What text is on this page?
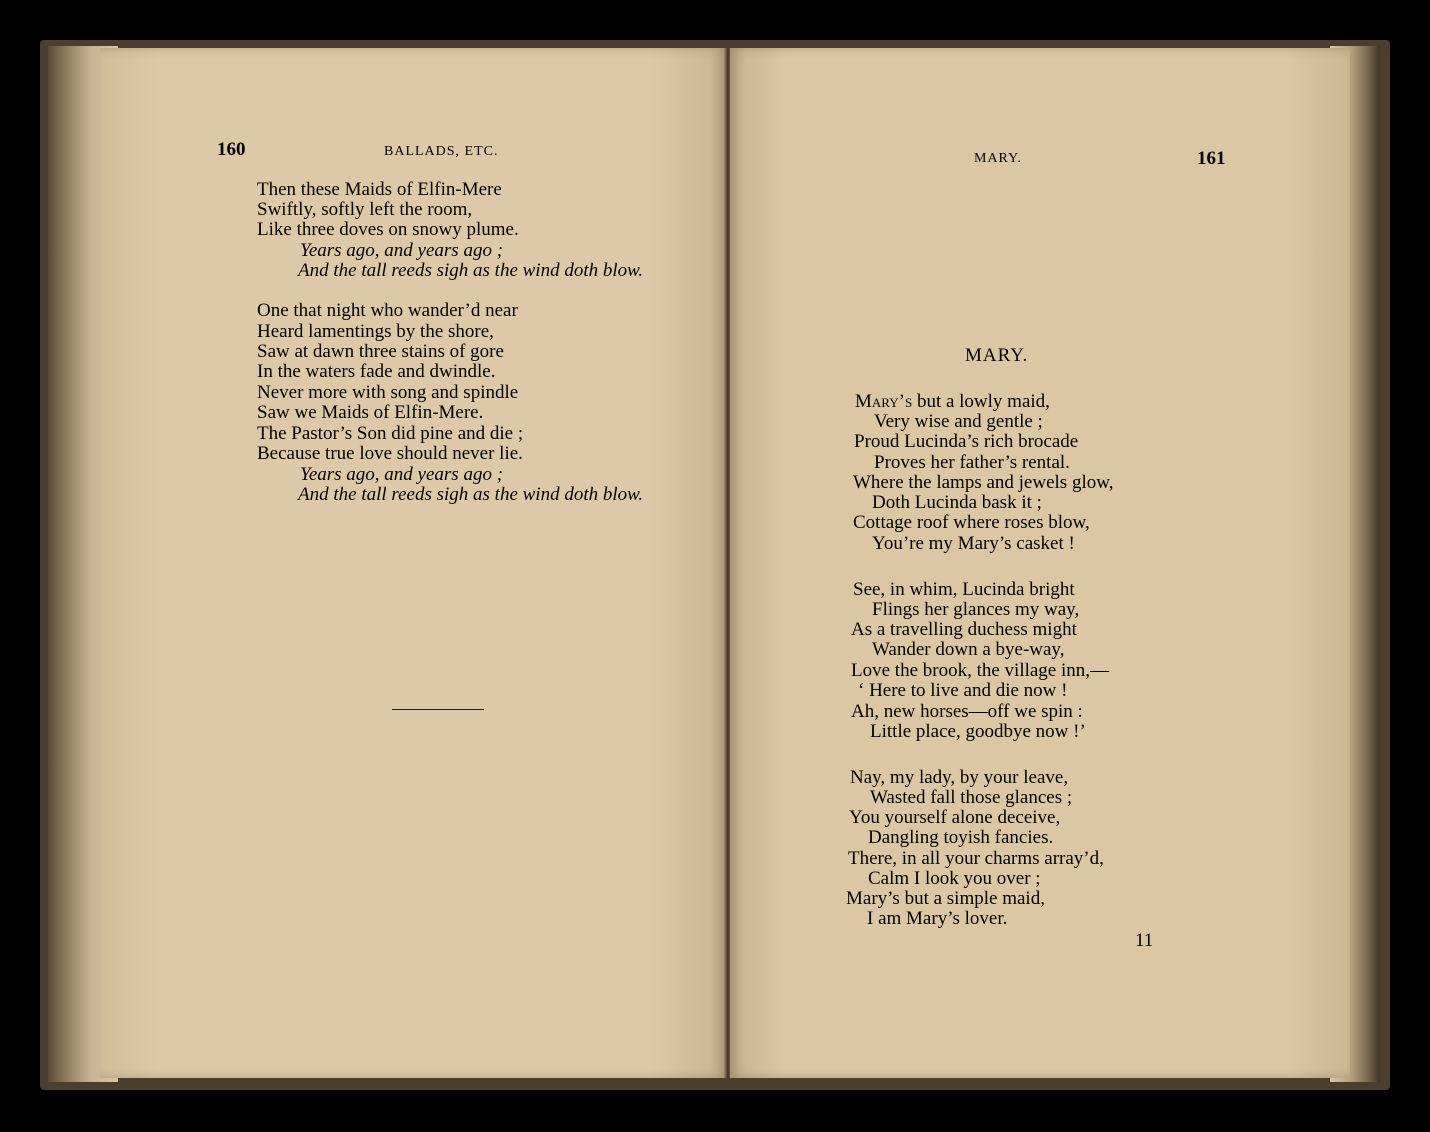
160	BALLADS, ETC.
Then these Maids of Elfin-Mere
Swiftly, softly left the room,
Like three doves on snowy plume.
Years ago, and years ago ;
And the tall reeds sigh as the wind doth blow.
One that night who wander’d near
Heard lamentings by the shore,
Saw at dawn three stains of gore
In the waters fade and dwindle.
Never more with song and spindle
Saw we Maids of Elfin-Mere.
The Pastor’s Son did pine and die ;
Because true love should never lie.
Years ago, and years ago ;
And the tall reeds sigh as the wind doth blow.
MARY.	161
MARY.
Mary’s but a lowly maid,
Very wise and gentle ;
Proud Lucinda’s rich brocade
Proves her father’s rental.
Where the lamps and jewels glow,
Doth Lucinda bask it ;
Cottage roof where roses blow,
You’re my Mary’s casket !
See, in whim, Lucinda bright
Flings her glances my way,
As a travelling duchess might
Wander down a bye-way,
Love the brook, the village inn,—
‘ Here to live and die now !
Ah, new horses—off we spin :
Little place, goodbye now !’
Nay, my lady, by your leave,
Wasted fall those glances ;
You yourself alone deceive,
Dangling toyish fancies.
There, in all your charms array’d,
Calm I look you over ;
Mary’s but a simple maid,
I am Mary’s lover.
11
